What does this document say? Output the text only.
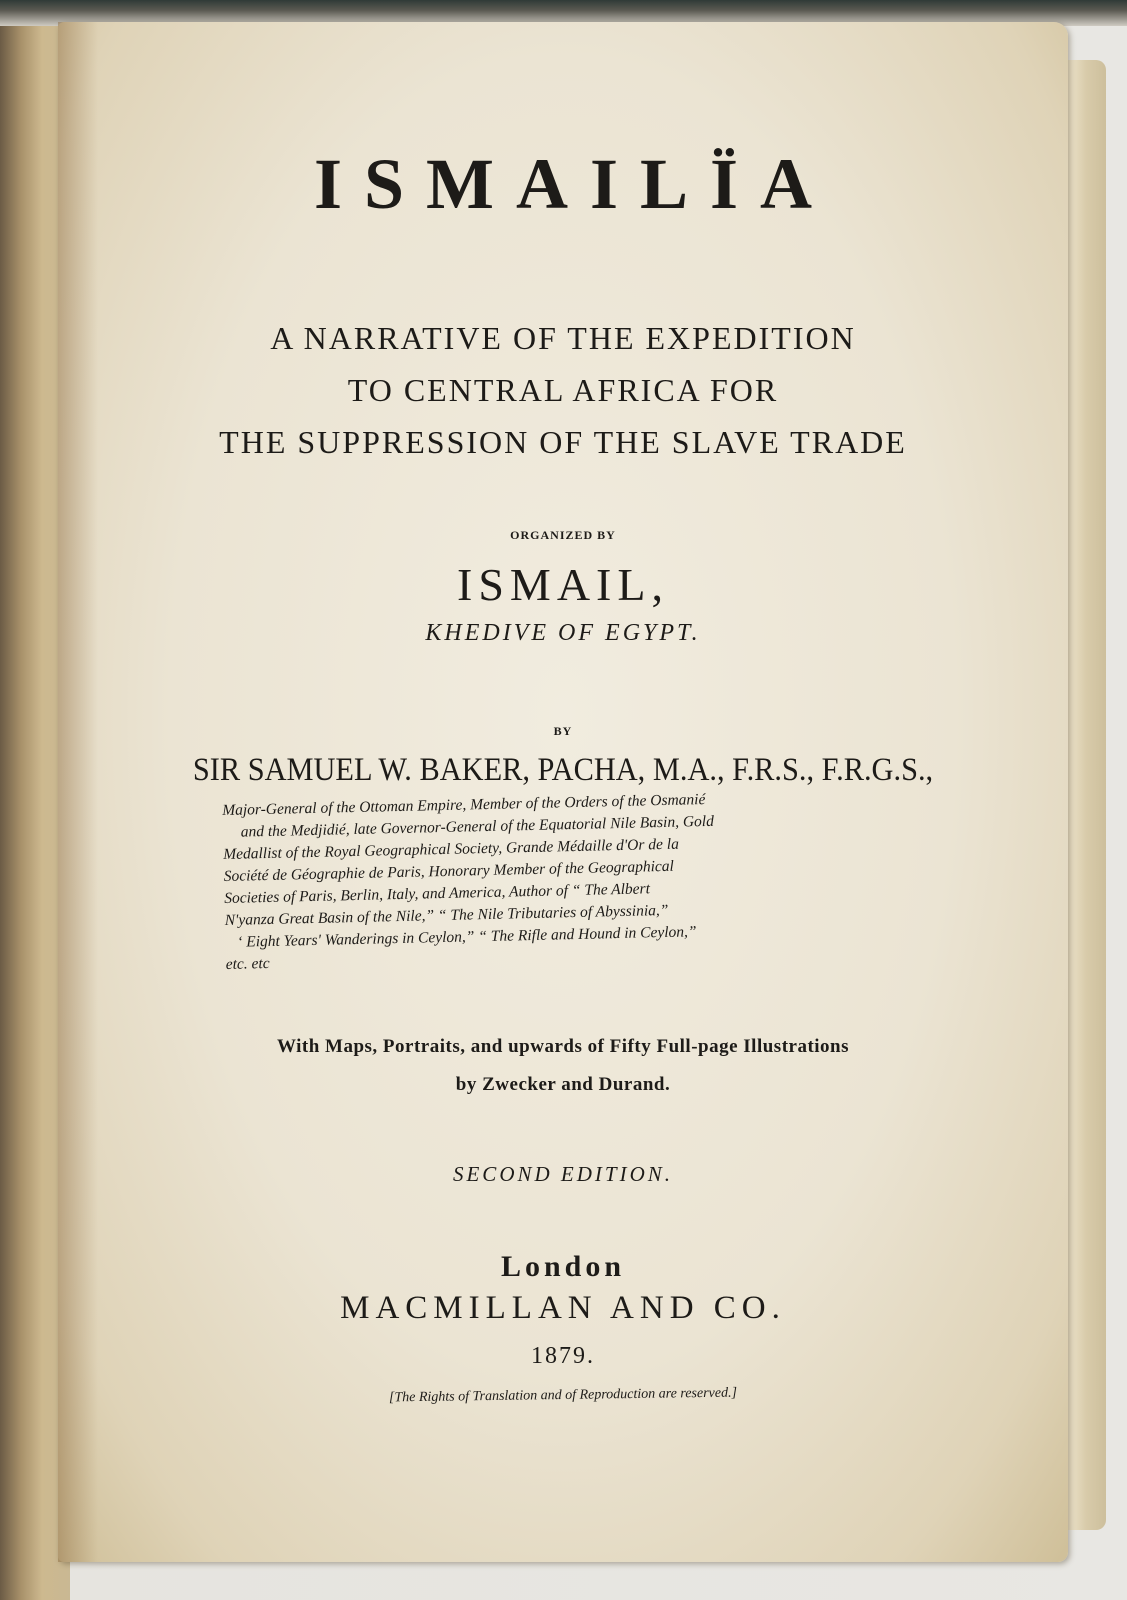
ISMAILÏA
A NARRATIVE OF THE EXPEDITION
TO CENTRAL AFRICA FOR
THE SUPPRESSION OF THE SLAVE TRADE
ORGANIZED BY
ISMAIL,
KHEDIVE OF EGYPT.
BY
SIR SAMUEL W. BAKER, PACHA, M.A., F.R.S., F.R.G.S.,
Major-General of the Ottoman Empire, Member of the Orders of the Osmanié
and the Medjidié, late Governor-General of the Equatorial Nile Basin, Gold
Medallist of the Royal Geographical Society, Grande Médaille d'Or de la
Société de Géographie de Paris, Honorary Member of the Geographical
Societies of Paris, Berlin, Italy, and America, Author of “ The Albert
N'yanza Great Basin of the Nile,” “ The Nile Tributaries of Abyssinia,”
‘ Eight Years' Wanderings in Ceylon,” “ The Rifle and Hound in Ceylon,”
etc. etc
With Maps, Portraits, and upwards of Fifty Full-page Illustrations
by Zwecker and Durand.
SECOND EDITION.
London
MACMILLAN AND CO.
1879.
[The Rights of Translation and of Reproduction are reserved.]
